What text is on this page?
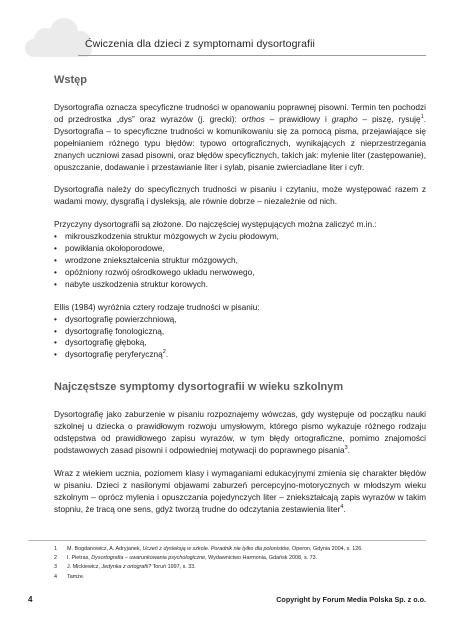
Ćwiczenia dla dzieci z symptomami dysortografii
Wstęp

Dysortografia oznacza specyficzne trudności w opanowaniu poprawnej pisowni. Termin ten pochodzi od przedrostka „dys” oraz wyrazów (j. grecki): orthos – prawidłowy i grapho – piszę, rysuję$^1$. Dysortografia – to specyficzne trudności w komunikowaniu się za pomocą pisma, przejawiające się popełnianiem różnego typu błędów: typowo ortograficznych, wynikających z nieprzestrzegania znanych uczniowi zasad pisowni, oraz błędów specyficznych, takich jak: mylenie liter (zastępowanie), opuszczanie, dodawanie i przestawianie liter i sylab, pisanie zwierciadlane liter i cyfr.

Dysortografia należy do specyficznych trudności w pisaniu i czytaniu, może występować razem z wadami mowy, dysgrafią i dysleksją, ale równie dobrze – niezależnie od nich.

Przyczyny dysortografii są złożone. Do najczęściej występujących można zaliczyć m.in.:

• mikrouszkodzenia struktur mózgowych w życiu płodowym,
• powikłania okołoporodowe,
• wrodzone zniekształcenia struktur mózgowych,
• opóźniony rozwój ośrodkowego układu nerwowego,
• nabyte uszkodzenia struktur korowych.

Ellis (1984) wyróżnia cztery rodzaje trudności w pisaniu:

• dysortografię powierzchniową,
• dysortografię fonologiczną,
• dysortografię głęboką,
• dysortografię peryferyczną$^2$.
Najczęstsze symptomy dysortografii w wieku szkolnym

Dysortografię jako zaburzenie w pisaniu rozpoznajemy wówczas, gdy występuje od początku nauki szkolnej u dziecka o prawidłowym rozwoju umysłowym, którego pismo wykazuje różnego rodzaju odstępstwa od prawidłowego zapisu wyrazów, w tym błędy ortograficzne, pomimo znajomości podstawowych zasad pisowni i odpowiedniej motywacji do poprawnego pisania$^3$.

Wraz z wiekiem ucznia, poziomem klasy i wymaganiami edukacyjnymi zmienia się charakter błędów w pisaniu. Dzieci z nasilonymi objawami zaburzeń percepcyjno-motorycznych w młodszym wieku szkolnym – oprócz mylenia i opuszczania pojedynczych liter – zniekształcają zapis wyrazów w takim stopniu, że tracą one sens, gdyż tworzą trudne do odczytania zestawienia liter$^4$.

1 M. Bogdanowicz, A. Adryjanek, Uczeń z dysleksją w szkole. Poradnik nie tylko dla polonistów, Operon, Gdynia 2004, s. 126.
2 I. Pietras, Dysortografia – uwarunkowania psychologiczne, Wydawnictwo Harmonia, Gdańsk 2008, s. 73.
3 J. Mickiewicz, Jedynka z ortografii? Toruń 1997, s. 33.
4 Tamże.
4	Copyright by Forum Media Polska Sp. z o.o.
